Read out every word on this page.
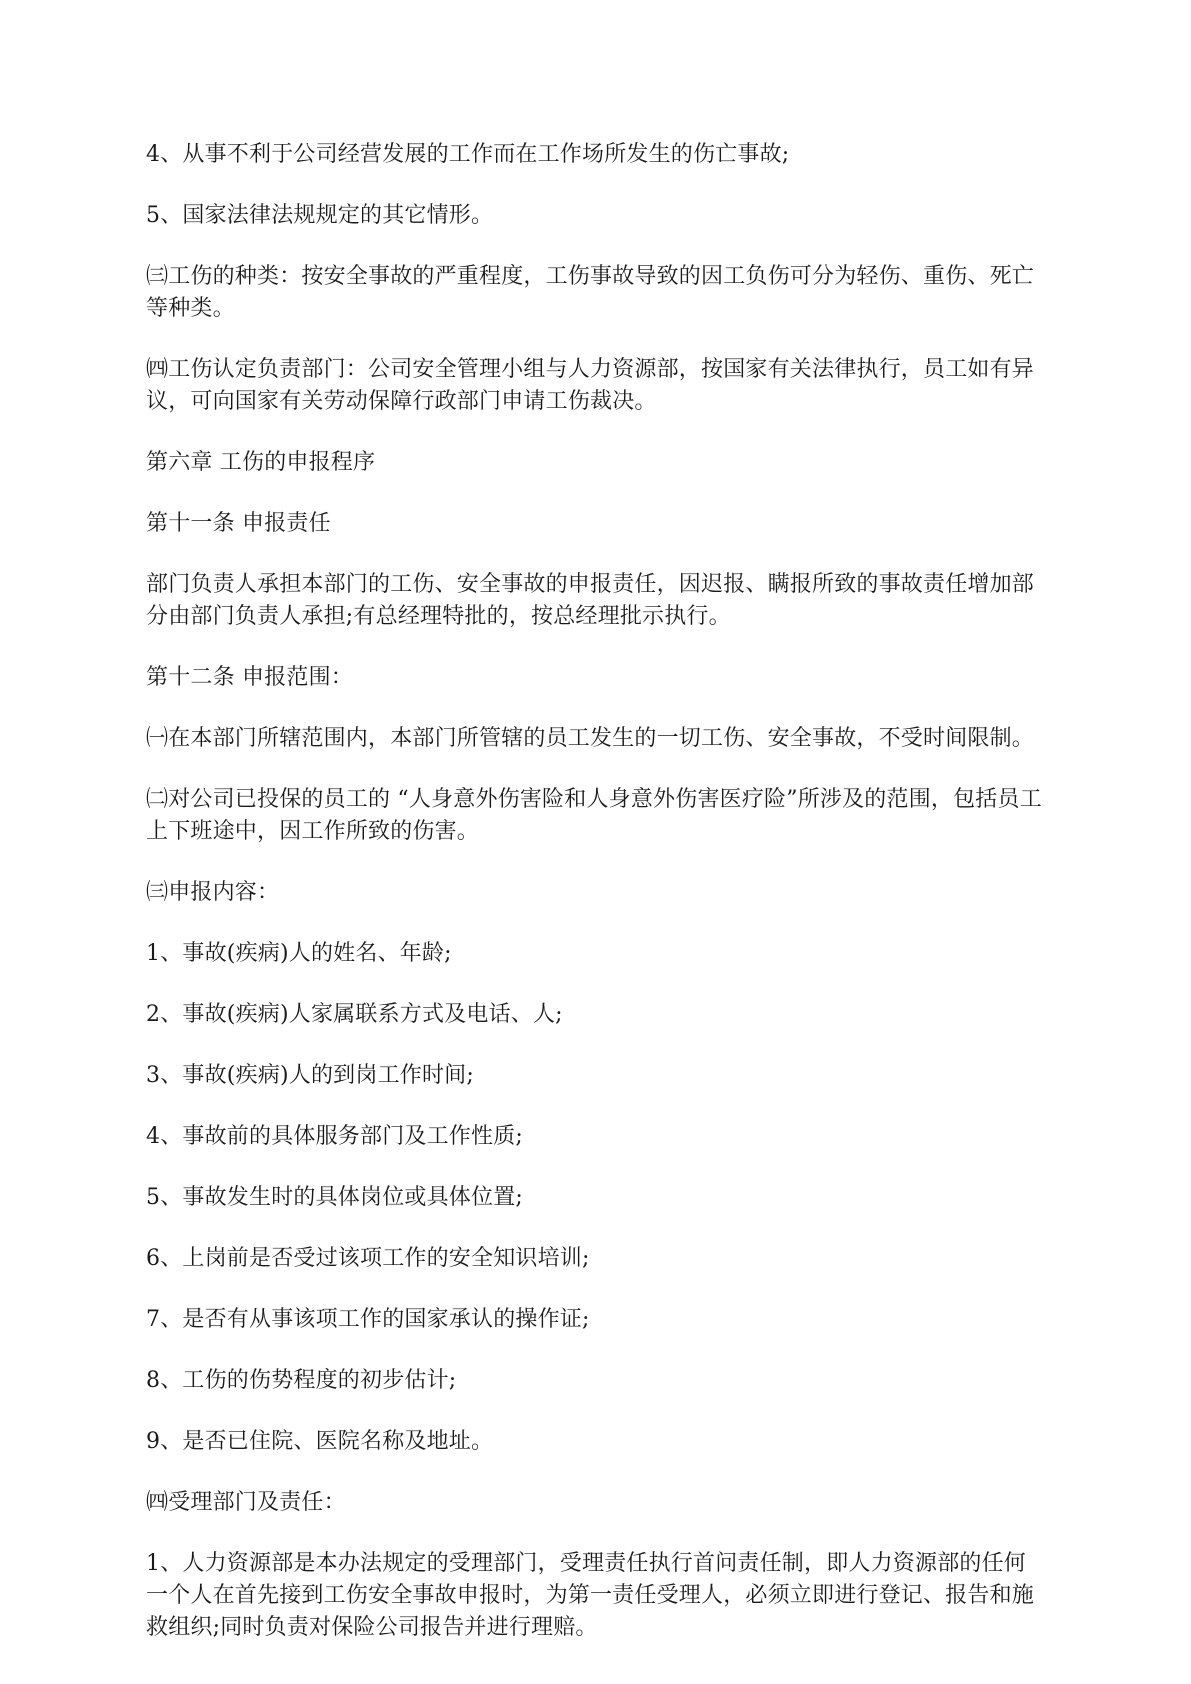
4、从事不利于公司经营发展的工作而在工作场所发生的伤亡事故;

5、国家法律法规规定的其它情形。

㈢工伤的种类：按安全事故的严重程度，工伤事故导致的因工负伤可分为轻伤、重伤、死亡等种类。

㈣工伤认定负责部门：公司安全管理小组与人力资源部，按国家有关法律执行，员工如有异议，可向国家有关劳动保障行政部门申请工伤裁决。

第六章 工伤的申报程序

第十一条 申报责任

部门负责人承担本部门的工伤、安全事故的申报责任，因迟报、瞒报所致的事故责任增加部分由部门负责人承担;有总经理特批的，按总经理批示执行。

第十二条 申报范围：

㈠在本部门所辖范围内，本部门所管辖的员工发生的一切工伤、安全事故，不受时间限制。

㈡对公司已投保的员工的 “人身意外伤害险和人身意外伤害医疗险”所涉及的范围，包括员工上下班途中，因工作所致的伤害。

㈢申报内容：

1、事故(疾病)人的姓名、年龄;

2、事故(疾病)人家属联系方式及电话、人;

3、事故(疾病)人的到岗工作时间;

4、事故前的具体服务部门及工作性质;

5、事故发生时的具体岗位或具体位置;

6、上岗前是否受过该项工作的安全知识培训;

7、是否有从事该项工作的国家承认的操作证;

8、工伤的伤势程度的初步估计;

9、是否已住院、医院名称及地址。

㈣受理部门及责任：

1、人力资源部是本办法规定的受理部门，受理责任执行首问责任制，即人力资源部的任何一个人在首先接到工伤安全事故申报时，为第一责任受理人，必须立即进行登记、报告和施救组织;同时负责对保险公司报告并进行理赔。
